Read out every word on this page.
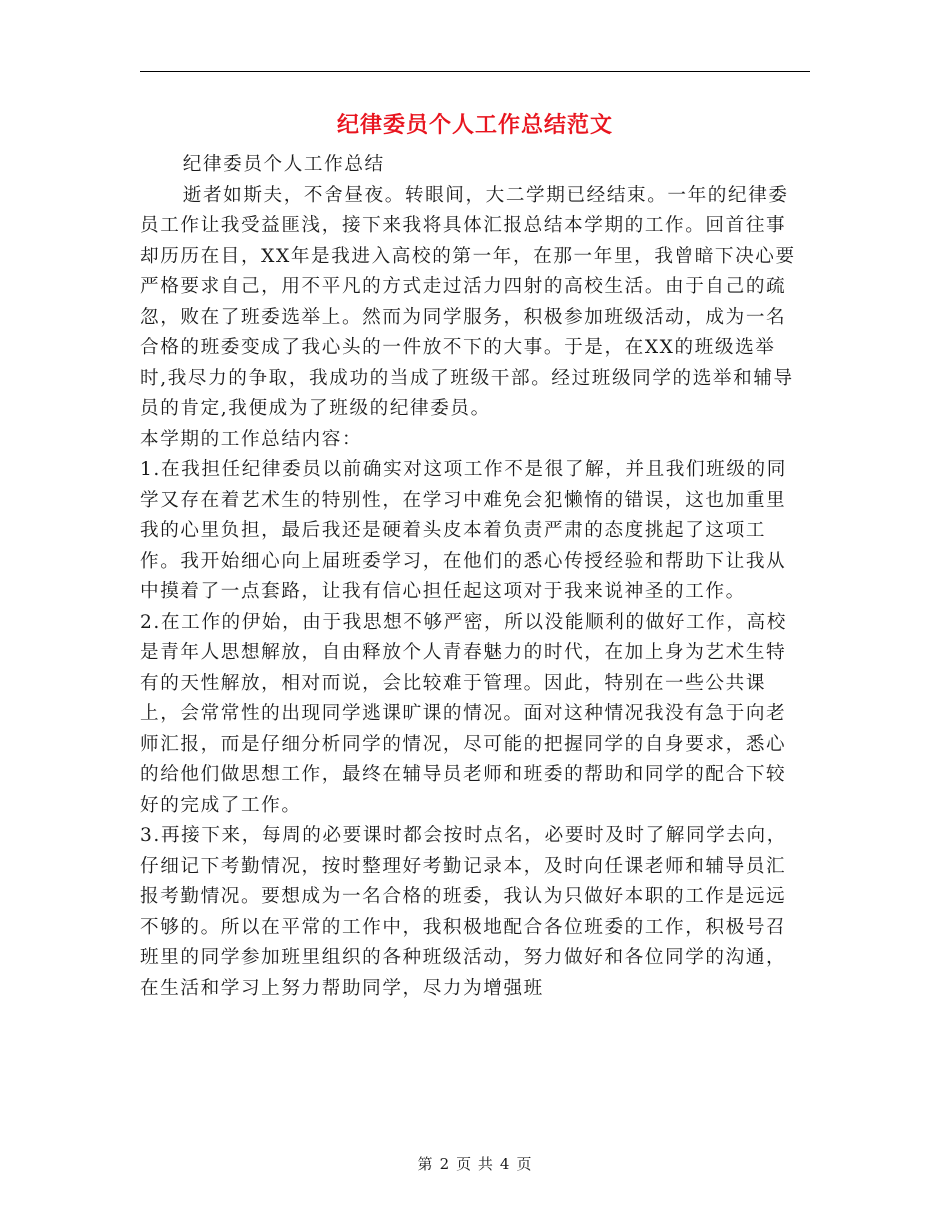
纪律委员个人工作总结范文

纪律委员个人工作总结

逝者如斯夫，不舍昼夜。转眼间，大二学期已经结束。一年的纪律委员工作让我受益匪浅，接下来我将具体汇报总结本学期的工作。回首往事却历历在目，XX年是我进入高校的第一年，在那一年里，我曾暗下决心要严格要求自己，用不平凡的方式走过活力四射的高校生活。由于自己的疏忽，败在了班委选举上。然而为同学服务，积极参加班级活动，成为一名合格的班委变成了我心头的一件放不下的大事。于是，在XX的班级选举时,我尽力的争取，我成功的当成了班级干部。经过班级同学的选举和辅导员的肯定,我便成为了班级的纪律委员。

本学期的工作总结内容：

1.在我担任纪律委员以前确实对这项工作不是很了解，并且我们班级的同学又存在着艺术生的特别性，在学习中难免会犯懒惰的错误，这也加重里我的心里负担，最后我还是硬着头皮本着负责严肃的态度挑起了这项工作。我开始细心向上届班委学习，在他们的悉心传授经验和帮助下让我从中摸着了一点套路，让我有信心担任起这项对于我来说神圣的工作。

2.在工作的伊始，由于我思想不够严密，所以没能顺利的做好工作，高校是青年人思想解放，自由释放个人青春魅力的时代，在加上身为艺术生特有的天性解放，相对而说，会比较难于管理。因此，特别在一些公共课上，会常常性的出现同学逃课旷课的情况。面对这种情况我没有急于向老师汇报，而是仔细分析同学的情况，尽可能的把握同学的自身要求，悉心的给他们做思想工作，最终在辅导员老师和班委的帮助和同学的配合下较好的完成了工作。

3.再接下来，每周的必要课时都会按时点名，必要时及时了解同学去向，仔细记下考勤情况，按时整理好考勤记录本，及时向任课老师和辅导员汇报考勤情况。要想成为一名合格的班委，我认为只做好本职的工作是远远不够的。所以在平常的工作中，我积极地配合各位班委的工作，积极号召班里的同学参加班里组织的各种班级活动，努力做好和各位同学的沟通，在生活和学习上努力帮助同学，尽力为增强班

第 2 页 共 4 页
